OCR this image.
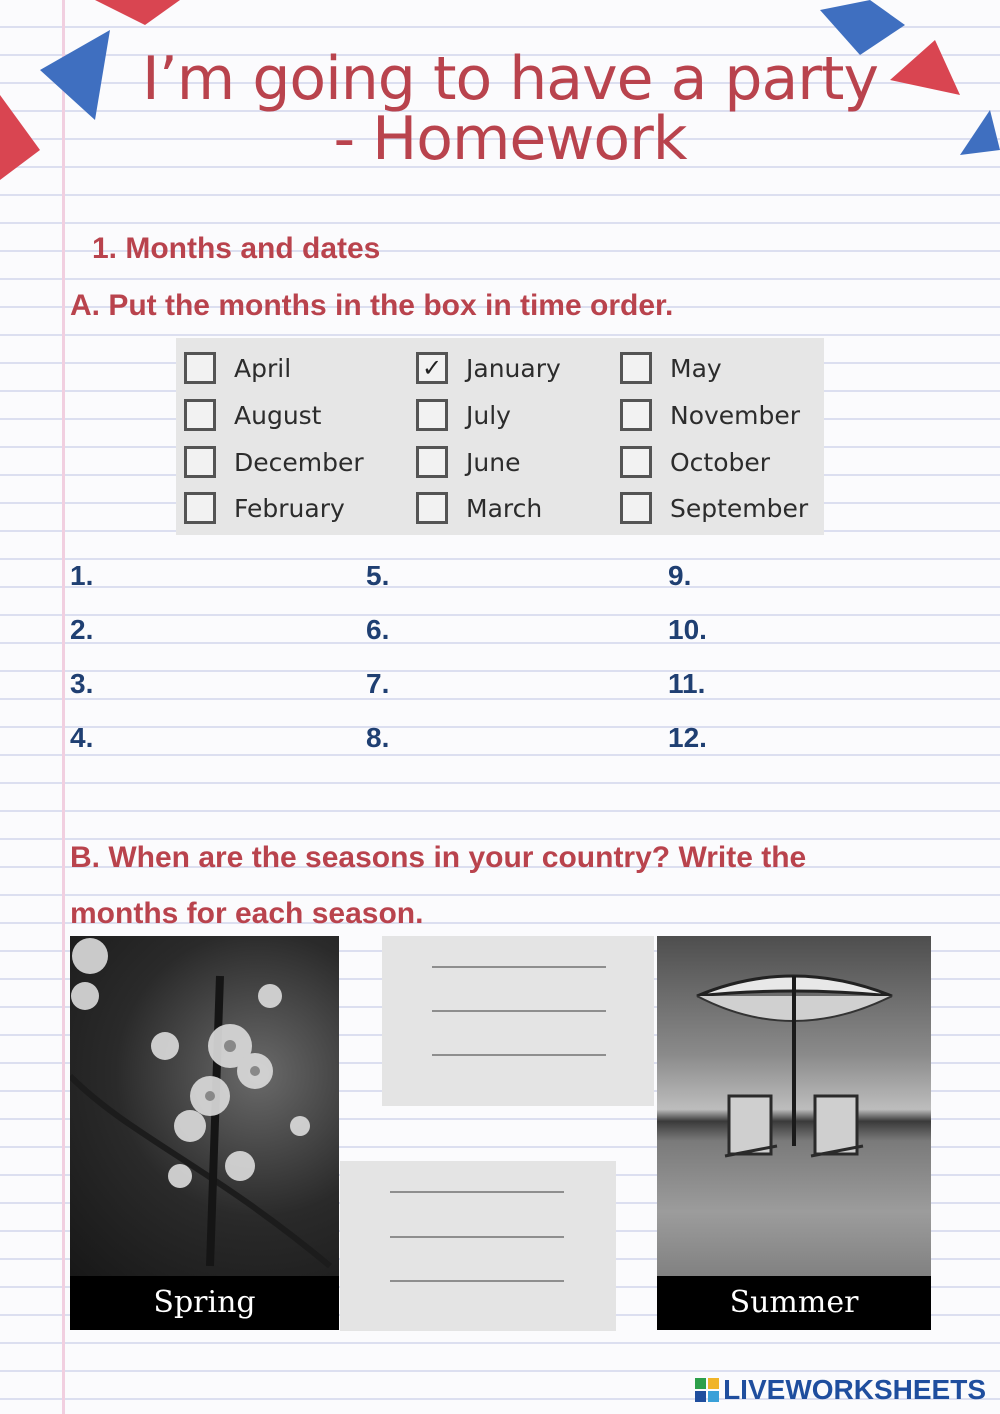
I’m going to have a party
- Homework
1. Months and dates
A. Put the months in the box in time order.
April
August
December
February
✓ January
July
June
March
May
November
October
September
1.
2.
3.
4.
5.
6.
7.
8.
9.
10.
11.
12.
B. When are the seasons in your country? Write the
months for each season.
Spring	Summer
LIVEWORKSHEETS
